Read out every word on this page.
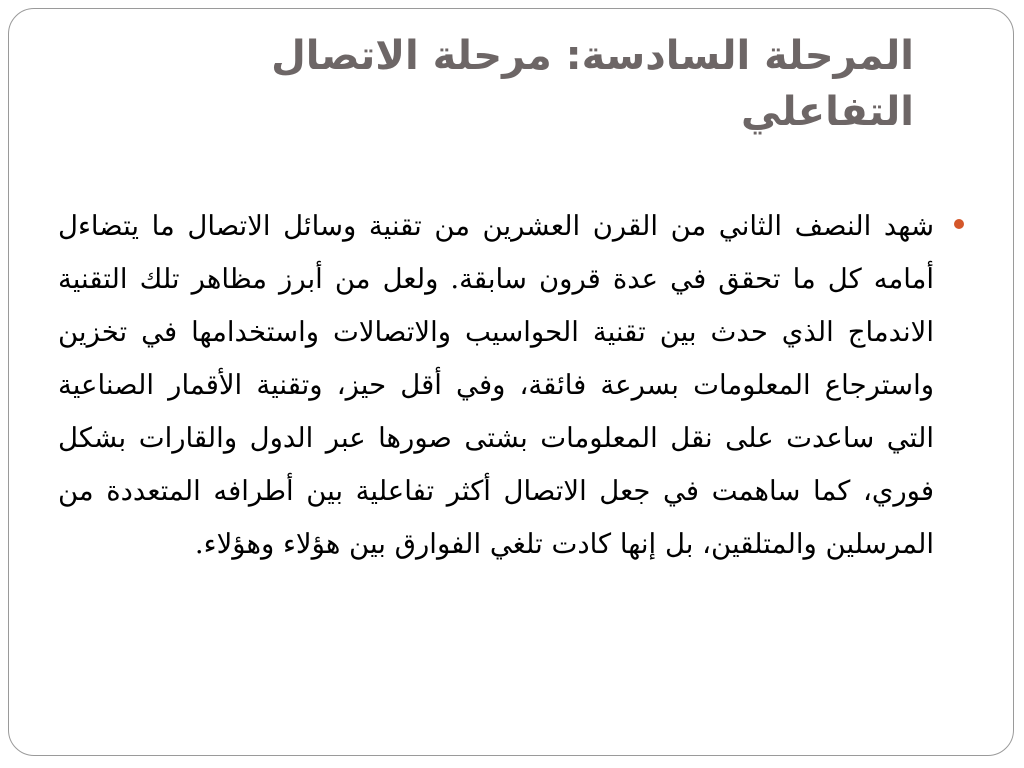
المرحلة السادسة: مرحلة الاتصال التفاعلي

شهد النصف الثاني من القرن العشرين من تقنية وسائل الاتصال ما يتضاءل أمامه كل ما تحقق في عدة قرون سابقة. ولعل من أبرز مظاهر تلك التقنية الاندماج الذي حدث بين تقنية الحواسيب والاتصالات واستخدامها في تخزين واسترجاع المعلومات بسرعة فائقة، وفي أقل حيز، وتقنية الأقمار الصناعية التي ساعدت على نقل المعلومات بشتى صورها عبر الدول والقارات بشكل فوري، كما ساهمت في جعل الاتصال أكثر تفاعلية بين أطرافه المتعددة من المرسلين والمتلقين، بل إنها كادت تلغي الفوارق بين هؤلاء وهؤلاء.
